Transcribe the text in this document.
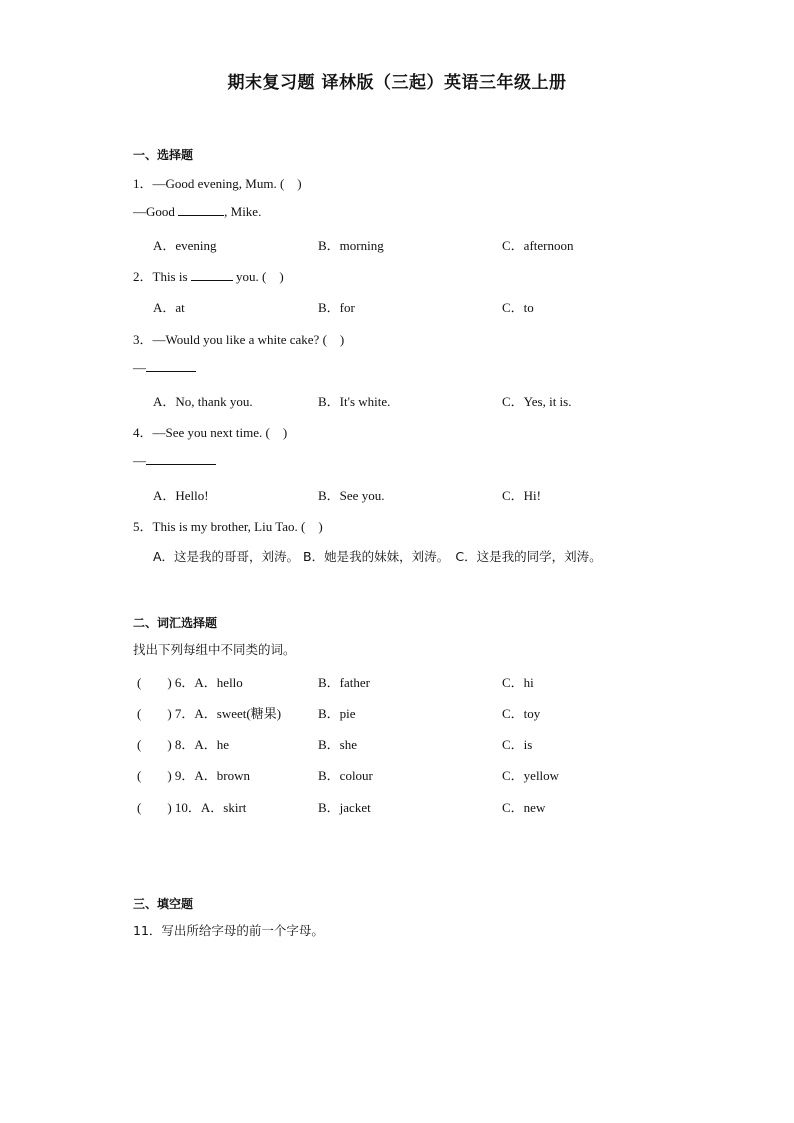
期末复习题 译林版（三起）英语三年级上册
一、选择题
1．—Good evening, Mum. (　)
—Good	, Mike.
A．evening	B．morning	C．afternoon
2．This is	you. (　)
A．at	B．for	C．to
3．—Would you like a white cake? (　)
—
A．No, thank you.	B．It's white.	C．Yes, it is.
4．—See you next time. (　)
—
A．Hello!	B．See you.	C．Hi!
5．This is my brother, Liu Tao. (　)
A．这是我的哥哥，刘涛。 B．她是我的妹妹，刘涛。　C．这是我的同学，刘涛。
二、词汇选择题
找出下列每组中不同类的词。
(　　) 6．A．hello	B．father	C．hi
(　　) 7．A．sweet(糖果)	B．pie	C．toy
(　　) 8．A．he	B．she	C．is
(　　) 9．A．brown	B．colour	C．yellow
(　　) 10．A．skirt	B．jacket	C．new
三、填空题
11．写出所给字母的前一个字母。
